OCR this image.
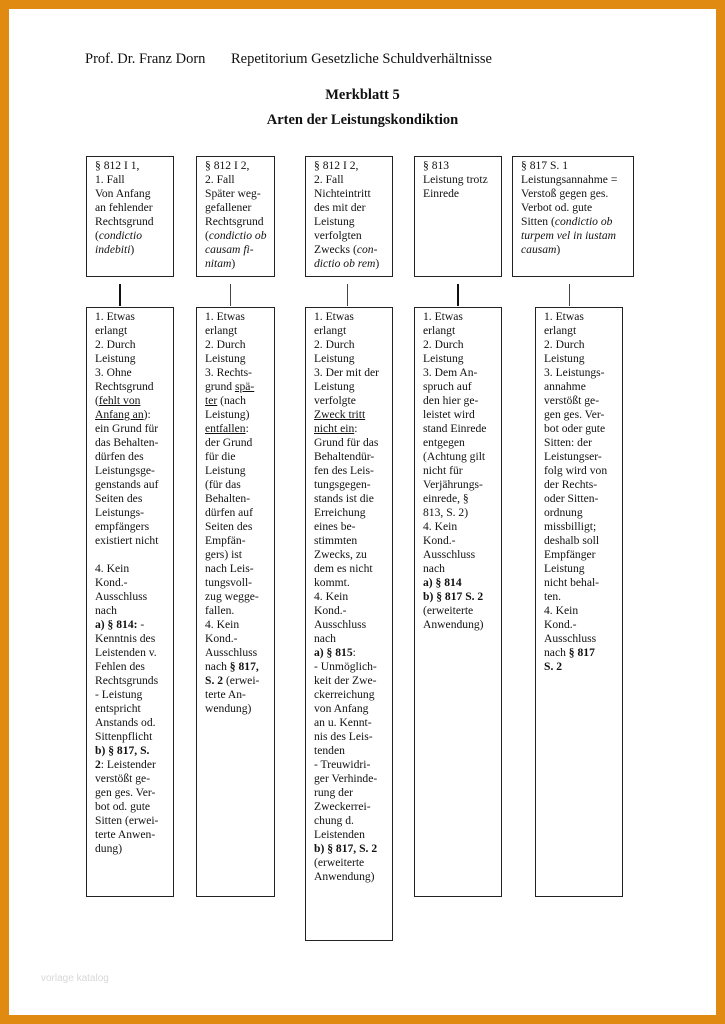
Prof. Dr. Franz Dorn Repetitorium Gesetzliche Schuldverhältnisse
Merkblatt 5
Arten der Leistungskondiktion
§ 812 I 1,
1. Fall
Von Anfang
an fehlender
Rechtsgrund
(condictio
indebiti)
1. Etwas
erlangt
2. Durch
Leistung
3. Ohne
Rechtsgrund
(fehlt von
Anfang an):
ein Grund für
das Behalten-
dürfen des
Leistungsge-
genstands auf
Seiten des
Leistungs-
empfängers
existiert nicht

4. Kein
Kond.-
Ausschluss
nach
a) § 814: -
Kenntnis des
Leistenden v.
Fehlen des
Rechtsgrunds
- Leistung
entspricht
Anstands od.
Sittenpflicht
b) § 817, S.
2: Leistender
verstößt ge-
gen ges. Ver-
bot od. gute
Sitten (erwei-
terte Anwen-
dung)
§ 812 I 2,
2. Fall
Später weg-
gefallener
Rechtsgrund
(condictio ob
causam fi-
nitam)
1. Etwas
erlangt
2. Durch
Leistung
3. Rechts-
grund spä-
ter (nach
Leistung)
entfallen:
der Grund
für die
Leistung
(für das
Behalten-
dürfen auf
Seiten des
Empfän-
gers) ist
nach Leis-
tungsvoll-
zug wegge-
fallen.
4. Kein
Kond.-
Ausschluss
nach § 817,
S. 2 (erwei-
terte An-
wendung)
§ 812 I 2,
2. Fall
Nichteintritt
des mit der
Leistung
verfolgten
Zwecks (con-
dictio ob rem)
1. Etwas
erlangt
2. Durch
Leistung
3. Der mit der
Leistung
verfolgte
Zweck tritt
nicht ein:
Grund für das
Behaltendür-
fen des Leis-
tungsgegen-
stands ist die
Erreichung
eines be-
stimmten
Zwecks, zu
dem es nicht
kommt.
4. Kein
Kond.-
Ausschluss
nach
a) § 815:
- Unmöglich-
keit der Zwe-
ckerreichung
von Anfang
an u. Kennt-
nis des Leis-
tenden
- Treuwidri-
ger Verhinde-
rung der
Zweckerrei-
chung d.
Leistenden
b) § 817, S. 2
(erweiterte
Anwendung)
§ 813
Leistung trotz
Einrede
1. Etwas
erlangt
2. Durch
Leistung
3. Dem An-
spruch auf
den hier ge-
leistet wird
stand Einrede
entgegen
(Achtung gilt
nicht für
Verjährungs-
einrede, §
813, S. 2)
4. Kein
Kond.-
Ausschluss
nach
a) § 814
b) § 817 S. 2
(erweiterte
Anwendung)
§ 817 S. 1
Leistungsannahme =
Verstoß gegen ges.
Verbot od. gute
Sitten (condictio ob
turpem vel in iustam
causam)
1. Etwas
erlangt
2. Durch
Leistung
3. Leistungs-
annahme
verstößt ge-
gen ges. Ver-
bot oder gute
Sitten: der
Leistungser-
folg wird von
der Rechts-
oder Sitten-
ordnung
missbilligt;
deshalb soll
Empfänger
Leistung
nicht behal-
ten.
4. Kein
Kond.-
Ausschluss
nach § 817
S. 2
vorlage katalog
